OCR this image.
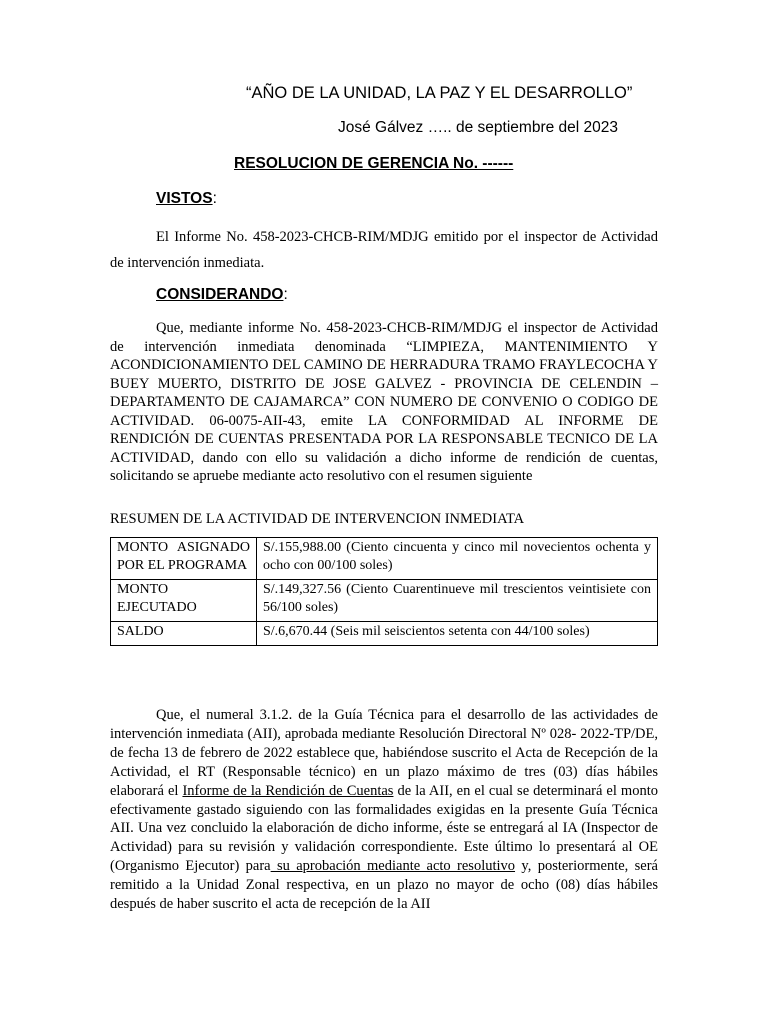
“AÑO DE LA UNIDAD, LA PAZ Y EL DESARROLLO”
José Gálvez ….. de septiembre del 2023
RESOLUCION DE GERENCIA No. ------
VISTOS:

El Informe No. 458-2023-CHCB-RIM/MDJG emitido por el inspector de Actividad de intervención inmediata.

CONSIDERANDO:

Que, mediante informe No. 458-2023-CHCB-RIM/MDJG el inspector de Actividad de intervención inmediata denominada “LIMPIEZA, MANTENIMIENTO Y ACONDICIONAMIENTO DEL CAMINO DE HERRADURA TRAMO FRAYLECOCHA Y BUEY MUERTO, DISTRITO DE JOSE GALVEZ - PROVINCIA DE CELENDIN – DEPARTAMENTO DE CAJAMARCA” CON NUMERO DE CONVENIO O CODIGO DE ACTIVIDAD. 06-0075-AII-43, emite LA CONFORMIDAD AL INFORME DE RENDICIÓN DE CUENTAS PRESENTADA POR LA RESPONSABLE TECNICO DE LA ACTIVIDAD, dando con ello su validación a dicho informe de rendición de cuentas, solicitando se apruebe mediante acto resolutivo con el resumen siguiente

RESUMEN DE LA ACTIVIDAD DE INTERVENCION INMEDIATA
MONTO ASIGNADO POR EL PROGRAMA	S/.155,988.00 (Ciento cincuenta y cinco mil novecientos ochenta y ocho con 00/100 soles)
MONTO EJECUTADO	S/.149,327.56 (Ciento Cuarentinueve mil trescientos veintisiete con 56/100 soles)
SALDO	S/.6,670.44 (Seis mil seiscientos setenta con 44/100 soles)

Que, el numeral 3.1.2. de la Guía Técnica para el desarrollo de las actividades de intervención inmediata (AII), aprobada mediante Resolución Directoral Nº 028- 2022-TP/DE, de fecha 13 de febrero de 2022 establece que, habiéndose suscrito el Acta de Recepción de la Actividad, el RT (Responsable técnico) en un plazo máximo de tres (03) días hábiles elaborará el Informe de la Rendición de Cuentas de la AII, en el cual se determinará el monto efectivamente gastado siguiendo con las formalidades exigidas en la presente Guía Técnica AII. Una vez concluido la elaboración de dicho informe, éste se entregará al IA (Inspector de Actividad) para su revisión y validación correspondiente. Este último lo presentará al OE (Organismo Ejecutor) para su aprobación mediante acto resolutivo y, posteriormente, será remitido a la Unidad Zonal respectiva, en un plazo no mayor de ocho (08) días hábiles después de haber suscrito el acta de recepción de la AII
